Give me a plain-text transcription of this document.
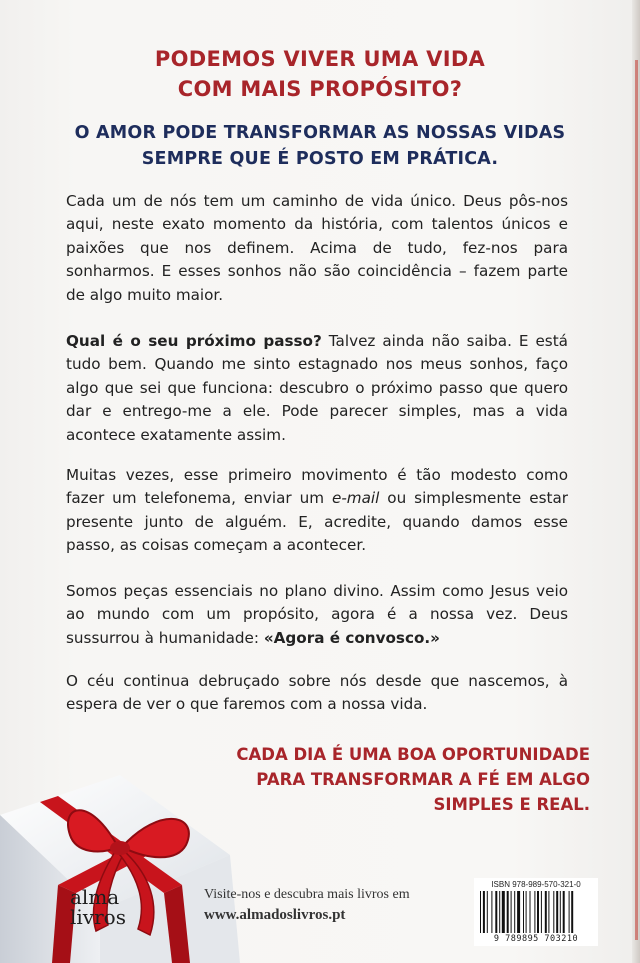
PODEMOS VIVER UMA VIDA
COM MAIS PROPÓSITO?
O AMOR PODE TRANSFORMAR AS NOSSAS VIDAS
SEMPRE QUE É POSTO EM PRÁTICA.

Cada um de nós tem um caminho de vida único. Deus pôs-nos aqui, neste exato momento da história, com talentos únicos e paixões que nos definem. Acima de tudo, fez-nos para sonharmos. E esses sonhos não são coincidência – fazem parte de algo muito maior.

Qual é o seu próximo passo? Talvez ainda não saiba. E está tudo bem. Quando me sinto estagnado nos meus sonhos, faço algo que sei que funciona: descubro o próximo passo que quero dar e entrego-me a ele. Pode parecer simples, mas a vida acontece exatamente assim.

Muitas vezes, esse primeiro movimento é tão modesto como fazer um telefonema, enviar um e-mail ou simplesmente estar presente junto de alguém. E, acredite, quando damos esse passo, as coisas começam a acontecer.

Somos peças essenciais no plano divino. Assim como Jesus veio ao mundo com um propósito, agora é a nossa vez. Deus sussurrou à humanidade: «Agora é convosco.»

O céu continua debruçado sobre nós desde que nascemos, à espera de ver o que faremos com a nossa vida.

CADA DIA É UMA BOA OPORTUNIDADE
PARA TRANSFORMAR A FÉ EM ALGO
SIMPLES E REAL.
alma
livros
Visite-nos e descubra mais livros em
www.almadoslivros.pt
ISBN 978-989-570-321-0
9 789895 703210
